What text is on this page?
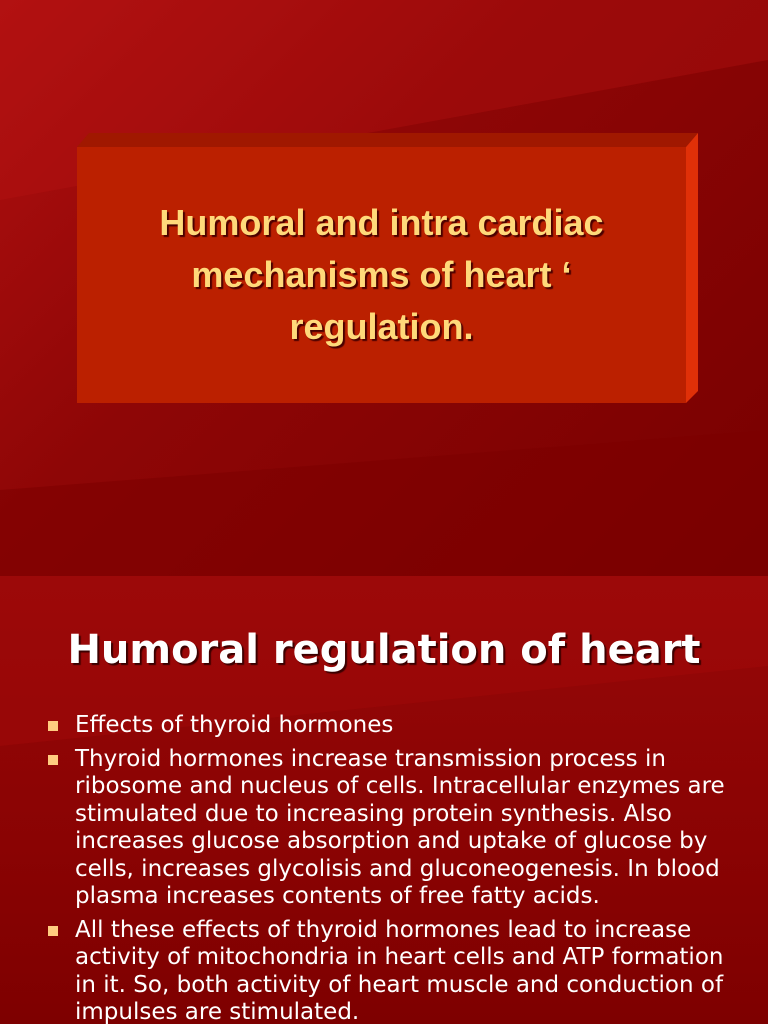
Humoral and intra cardiac
mechanisms of heart ‘
regulation.
Humoral regulation of heart
Effects of thyroid hormones
Thyroid hormones increase transmission process in ribosome and nucleus of cells. Intracellular enzymes are stimulated due to increasing protein synthesis. Also increases glucose absorption and uptake of glucose by cells, increases glycolisis and gluconeogenesis. In blood plasma increases contents of free fatty acids.
All these effects of thyroid hormones lead to increase activity of mitochondria in heart cells and ATP formation in it. So, both activity of heart muscle and conduction of impulses are stimulated.
